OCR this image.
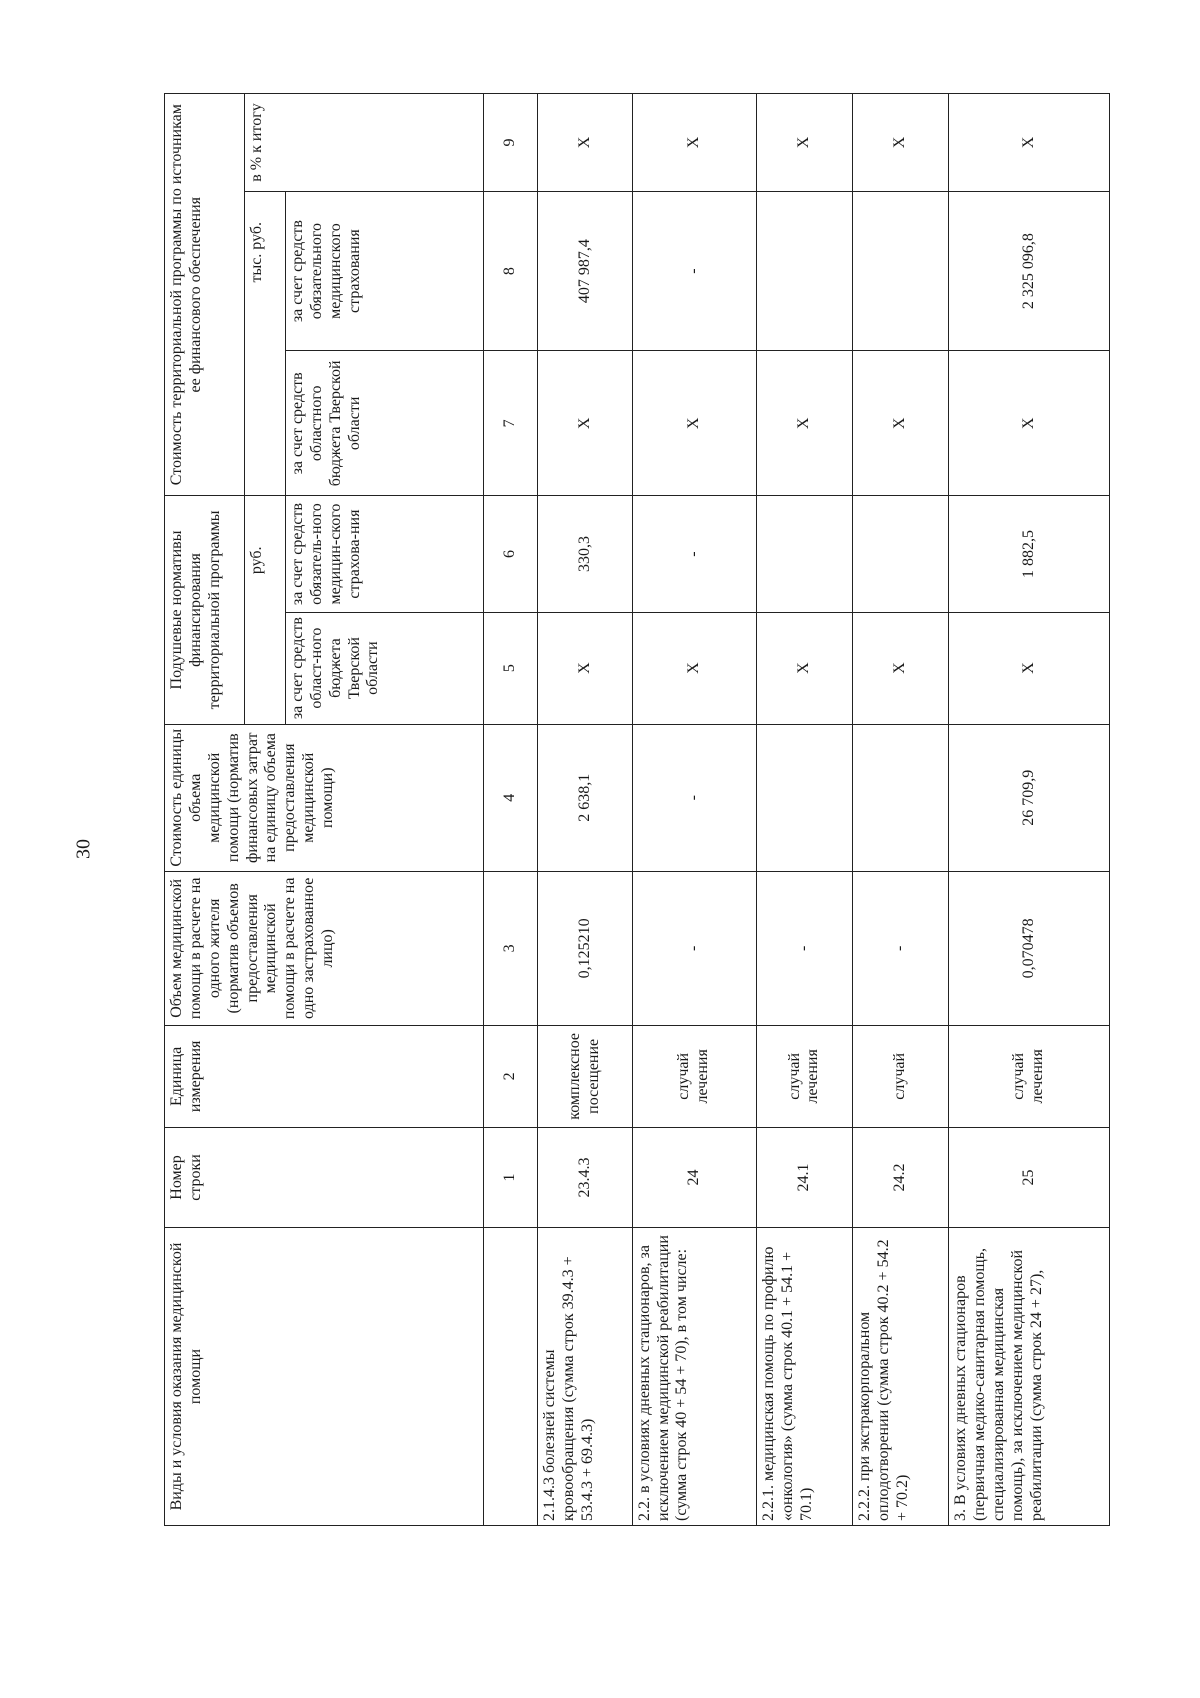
30
Виды и условия оказания медицинской помощи	Номер строки	Единица измерения	Объем медицинской помощи в расчете на одного жителя (норматив объемов предоставления медицинской помощи в расчете на одно застрахованное лицо)	Стоимость единицы объема медицинской помощи (норматив финансовых затрат на единицу объема предоставления медицинской помощи)	Подушевые нормативы финансирования территориальной программы		Стоимость территориальной программы по источникам ее финансового обеспечения		
					руб.		тыс. руб.		в % к итогу
					за счет средств област-ного бюджета Тверской области	за счет средств обязатель-ного медицин-ского страхова-ния	за счет средств областного бюджета Тверской области	за счет средств обязательного медицинского страхования	
	1	2	3	4	5	6	7	8	9
2.1.4.3 болезней системы кровообращения (сумма строк 39.4.3 + 53.4.3 + 69.4.3)	23.4.3	комплексное посещение	0,125210	2 638,1	Х	330,3	Х	407 987,4	Х
2.2. в условиях дневных стационаров, за исключением медицинской реабилитации (сумма строк 40 + 54 + 70), в том числе:	24	случай лечения	-	-	Х	-	Х	-	Х
2.2.1. медицинская помощь по профилю «онкология» (сумма строк 40.1 + 54.1 + 70.1)	24.1	случай лечения	-		Х		Х		Х
2.2.2. при экстракорпоральном оплодотворении (сумма строк 40.2 + 54.2 + 70.2)	24.2	случай	-		Х		Х		Х
3. В условиях дневных стационаров (первичная медико-санитарная помощь, специализированная медицинская помощь), за исключением медицинской реабилитации (сумма строк 24 + 27),	25	случай лечения	0,070478	26 709,9	Х	1 882,5	Х	2 325 096,8	Х
